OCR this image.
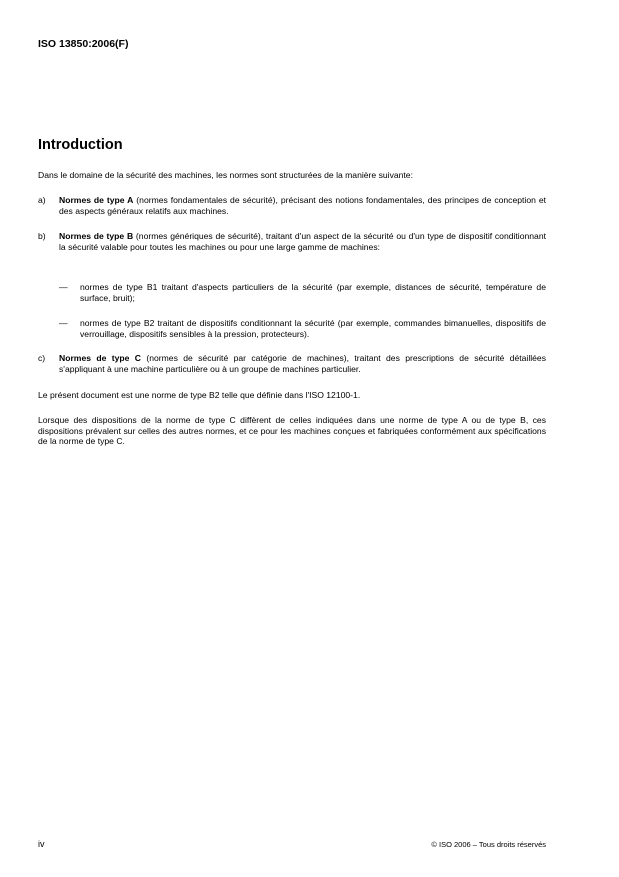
ISO 13850:2006(F)
Introduction
Dans le domaine de la sécurité des machines, les normes sont structurées de la manière suivante:
a) Normes de type A (normes fondamentales de sécurité), précisant des notions fondamentales, des principes de conception et des aspects généraux relatifs aux machines.
b) Normes de type B (normes génériques de sécurité), traitant d'un aspect de la sécurité ou d'un type de dispositif conditionnant la sécurité valable pour toutes les machines ou pour une large gamme de machines:
— normes de type B1 traitant d'aspects particuliers de la sécurité (par exemple, distances de sécurité, température de surface, bruit);
— normes de type B2 traitant de dispositifs conditionnant la sécurité (par exemple, commandes bimanuelles, dispositifs de verrouillage, dispositifs sensibles à la pression, protecteurs).
c) Normes de type C (normes de sécurité par catégorie de machines), traitant des prescriptions de sécurité détaillées s'appliquant à une machine particulière ou à un groupe de machines particulier.
Le présent document est une norme de type B2 telle que définie dans l'ISO 12100-1.
Lorsque des dispositions de la norme de type C diffèrent de celles indiquées dans une norme de type A ou de type B, ces dispositions prévalent sur celles des autres normes, et ce pour les machines conçues et fabriquées conformément aux spécifications de la norme de type C.
iv	© ISO 2006 – Tous droits réservés
